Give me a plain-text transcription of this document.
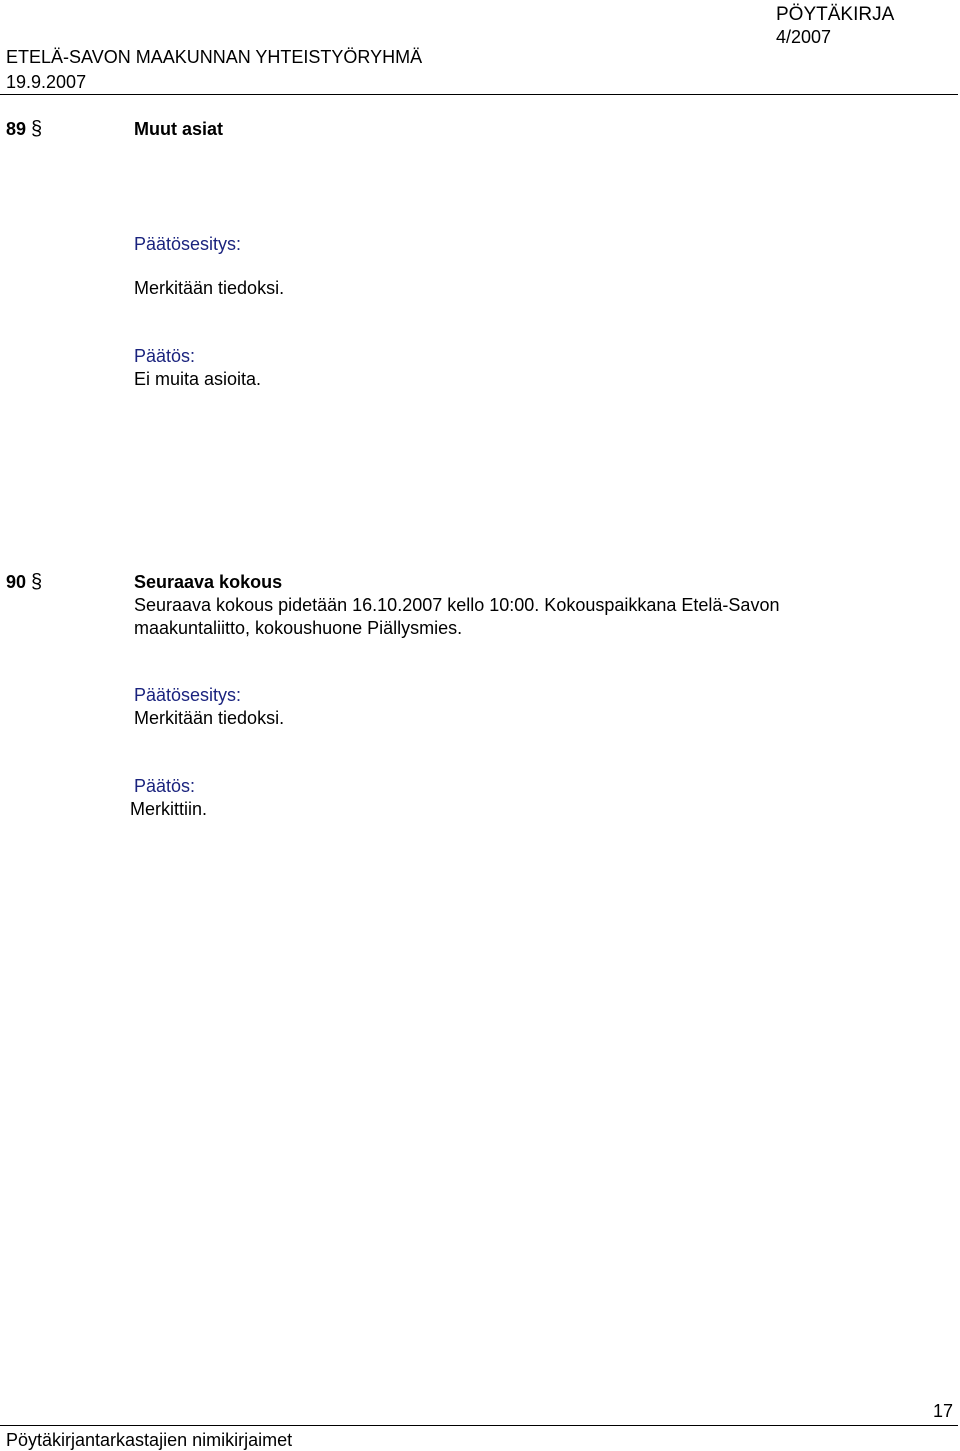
PÖYTÄKIRJA
4/2007
ETELÄ-SAVON MAAKUNNAN YHTEISTYÖRYHMÄ
19.9.2007
89 §	Muut asiat
Päätösesitys:
Merkitään tiedoksi.
Päätös:
Ei muita asioita.
90 §	Seuraava kokous
Seuraava kokous pidetään 16.10.2007 kello 10:00. Kokouspaikkana Etelä-Savon
maakuntaliitto, kokoushuone Piällysmies.
Päätösesitys:
Merkitään tiedoksi.
Päätös:
Merkittiin.
17
Pöytäkirjantarkastajien nimikirjaimet
